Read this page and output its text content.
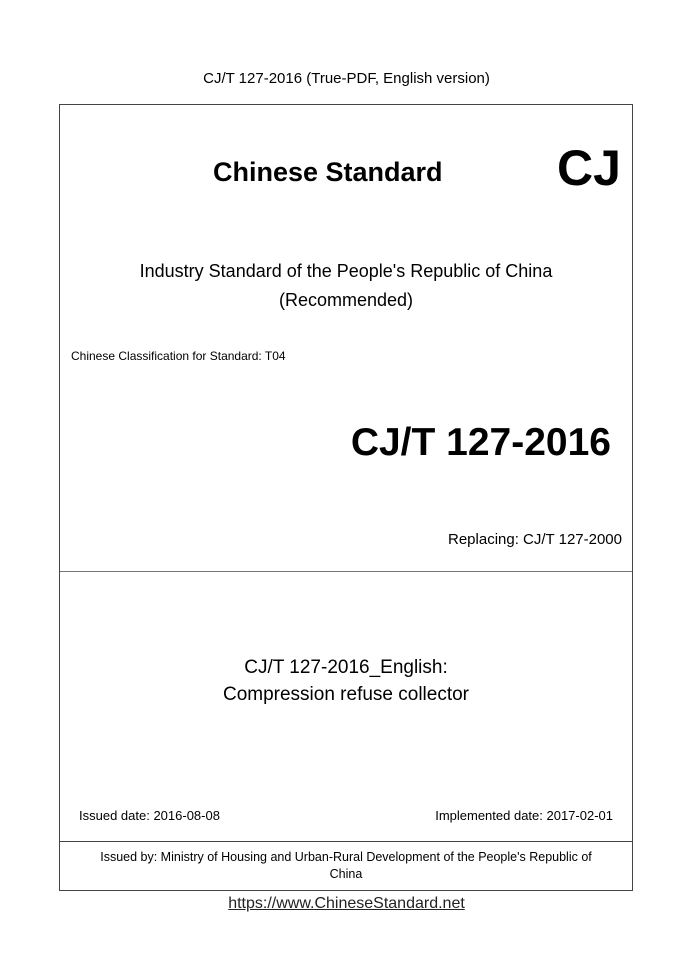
CJ/T 127-2016 (True-PDF, English version)
Chinese Standard CJ
Industry Standard of the People's Republic of China
(Recommended)
Chinese Classification for Standard: T04
CJ/T 127-2016
Replacing: CJ/T 127-2000
CJ/T 127-2016_English:
Compression refuse collector
Issued date: 2016-08-08	Implemented date: 2017-02-01
Issued by: Ministry of Housing and Urban-Rural Development of the People's Republic of
China
https://www.ChineseStandard.net
